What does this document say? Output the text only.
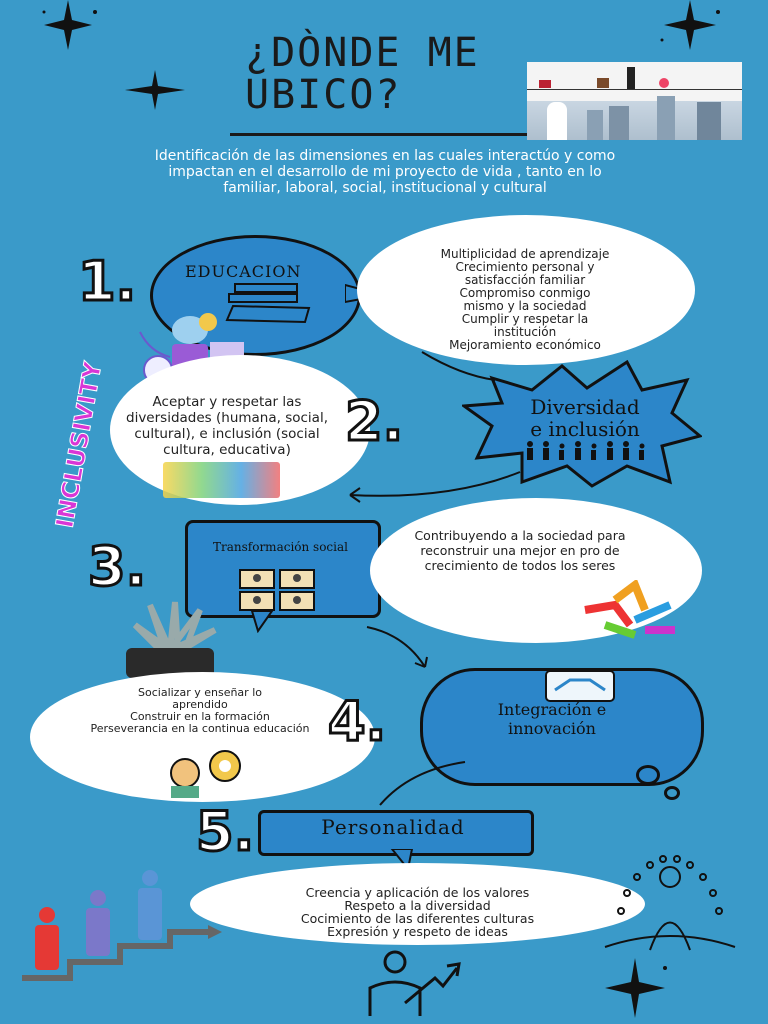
¿DÒNDE ME UBICO?
Identificación de las dimensiones en las cuales interactúo y como impactan en el desarrollo de mi proyecto de vida , tanto en lo familiar, laboral, social, institucional y cultural
1.	EDUCACION
Multiplicidad de aprendizaje
Crecimiento personal y satisfacción familiar
Compromiso conmigo mismo y la sociedad
Cumplir y respetar la institución
Mejoramiento económico
Aceptar y respetar las diversidades (humana, social, cultural), e inclusión (social cultura, educativa)
INCLUSIVITY	2.	Diversidad
e inclusión
3.	Transformación social
Contribuyendo a la sociedad para reconstruir una mejor en pro de crecimiento de todos los seres
Socializar y enseñar lo aprendido
Construir en la formación
Perseverancia en la continua educación 4.	Integración e
innovación
5.	Personalidad
Creencia y aplicación de los valores
Respeto a la diversidad
Cocimiento de las diferentes culturas
Expresión y respeto de ideas
